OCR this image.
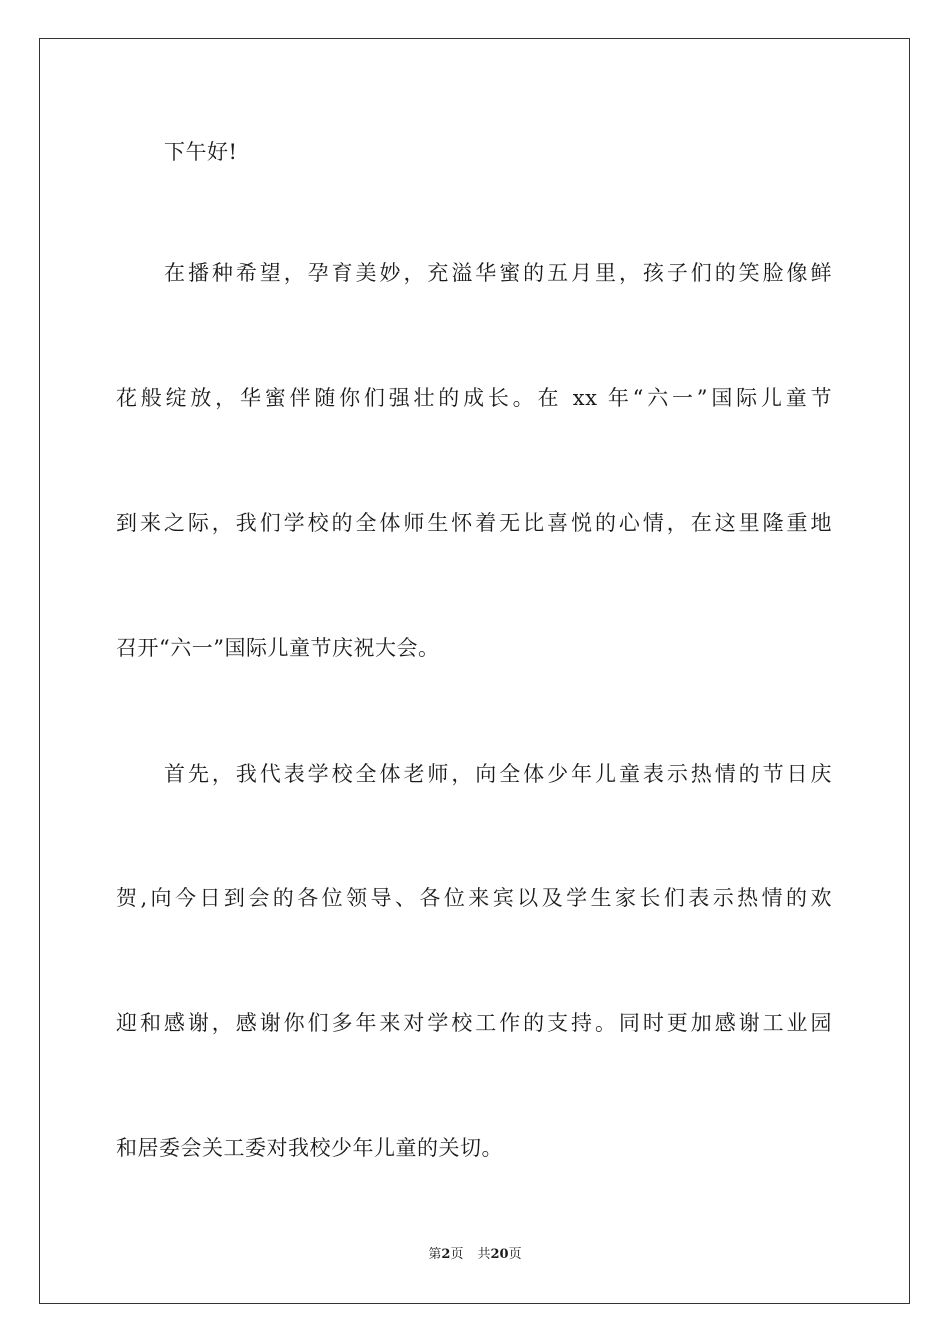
下午好!
在播种希望，孕育美妙，充溢华蜜的五月里，孩子们的笑脸像鲜
花般绽放，华蜜伴随你们强壮的成长。在 xx 年“六一”国际儿童节
到来之际，我们学校的全体师生怀着无比喜悦的心情，在这里隆重地
召开“六一”国际儿童节庆祝大会。
首先，我代表学校全体老师，向全体少年儿童表示热情的节日庆
贺,向今日到会的各位领导、各位来宾以及学生家长们表示热情的欢
迎和感谢，感谢你们多年来对学校工作的支持。同时更加感谢工业园
和居委会关工委对我校少年儿童的关切。
第2页 共20页
